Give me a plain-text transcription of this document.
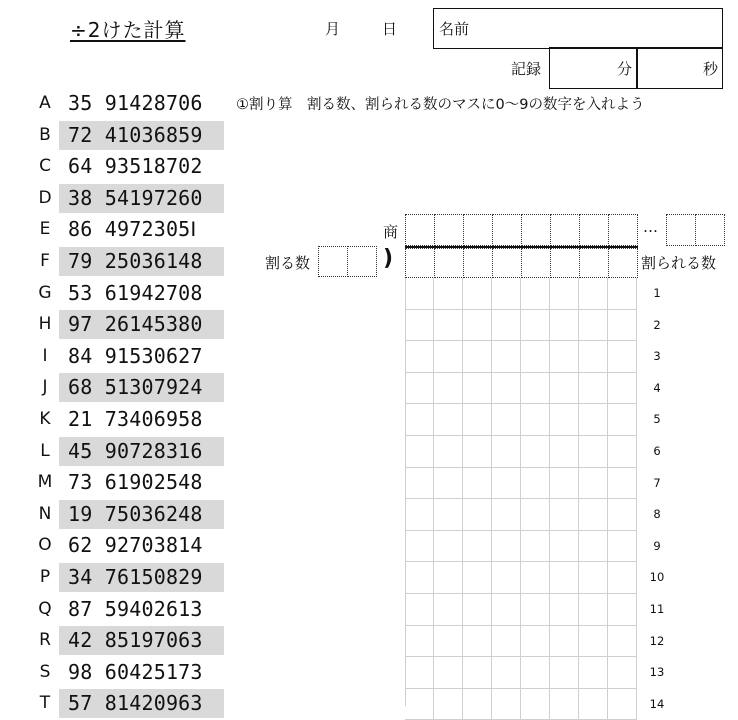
÷2けた計算	月	日	名前
記録	分	秒
①割り算　割る数、割られる数のマスに0〜9の数字を入れよう
A 35 91428706
B 72 41036859
C 64 93518702
D 38 54197260
E 86 4972305Ⅰ
F 79 25036148
G 53 61942708
H 97 26145380
I	84 91530627
J	68 51307924
K 21 73406958
L 45 90728316
M 73 61902548
N 19 75036248
O 62 92703814
P 34 76150829
Q 87 59402613
R 42 85197063
S 98 60425173
T 57 81420963
商	…
割る数	)	割られる数
1
2
3
4
5
6
7
8
9
10
11
12
13
14
